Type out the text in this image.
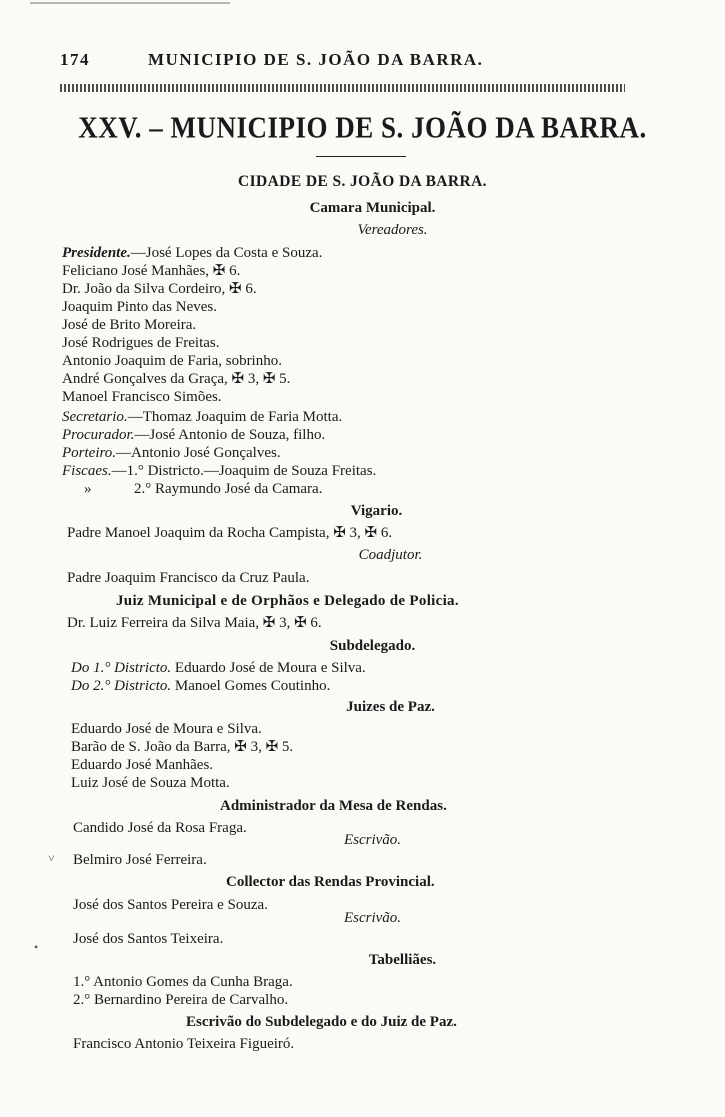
174	MUNICIPIO DE S. JOÃO DA BARRA.
XXV. – MUNICIPIO DE S. JOÃO DA BARRA.
CIDADE DE S. JOÃO DA BARRA.
Camara Municipal.
Vereadores.
Presidente.—José Lopes da Costa e Souza.
Feliciano José Manhães, ✠ 6.
Dr. João da Silva Cordeiro, ✠ 6.
Joaquim Pinto das Neves.
José de Brito Moreira.
José Rodrigues de Freitas.
Antonio Joaquim de Faria, sobrinho.
André Gonçalves da Graça, ✠ 3, ✠ 5.
Manoel Francisco Simões.
Secretario.—Thomaz Joaquim de Faria Motta.
Procurador.—José Antonio de Souza, filho.
Porteiro.—Antonio José Gonçalves.
Fiscaes.—1.° Districto.—Joaquim de Souza Freitas.
»	2.° Raymundo José da Camara.
Vigario.
Padre Manoel Joaquim da Rocha Campista, ✠ 3, ✠ 6.
Coadjutor.
Padre Joaquim Francisco da Cruz Paula.
Juiz Municipal e de Orphãos e Delegado de Policia.
Dr. Luiz Ferreira da Silva Maia, ✠ 3, ✠ 6.
Subdelegado.
Do 1.° Districto. Eduardo José de Moura e Silva.
Do 2.° Districto. Manoel Gomes Coutinho.
Juizes de Paz.
Eduardo José de Moura e Silva.
Barão de S. João da Barra, ✠ 3, ✠ 5.
Eduardo José Manhães.
Luiz José de Souza Motta.
Administrador da Mesa de Rendas.
Candido José da Rosa Fraga.
Escrivão.
Belmiro José Ferreira.
˅
Collector das Rendas Provincial.
José dos Santos Pereira e Souza.
Escrivão.
José dos Santos Teixeira.
•
Tabelliães.
1.° Antonio Gomes da Cunha Braga.
2.° Bernardino Pereira de Carvalho.
Escrivão do Subdelegado e do Juiz de Paz.
Francisco Antonio Teixeira Figueiró.
